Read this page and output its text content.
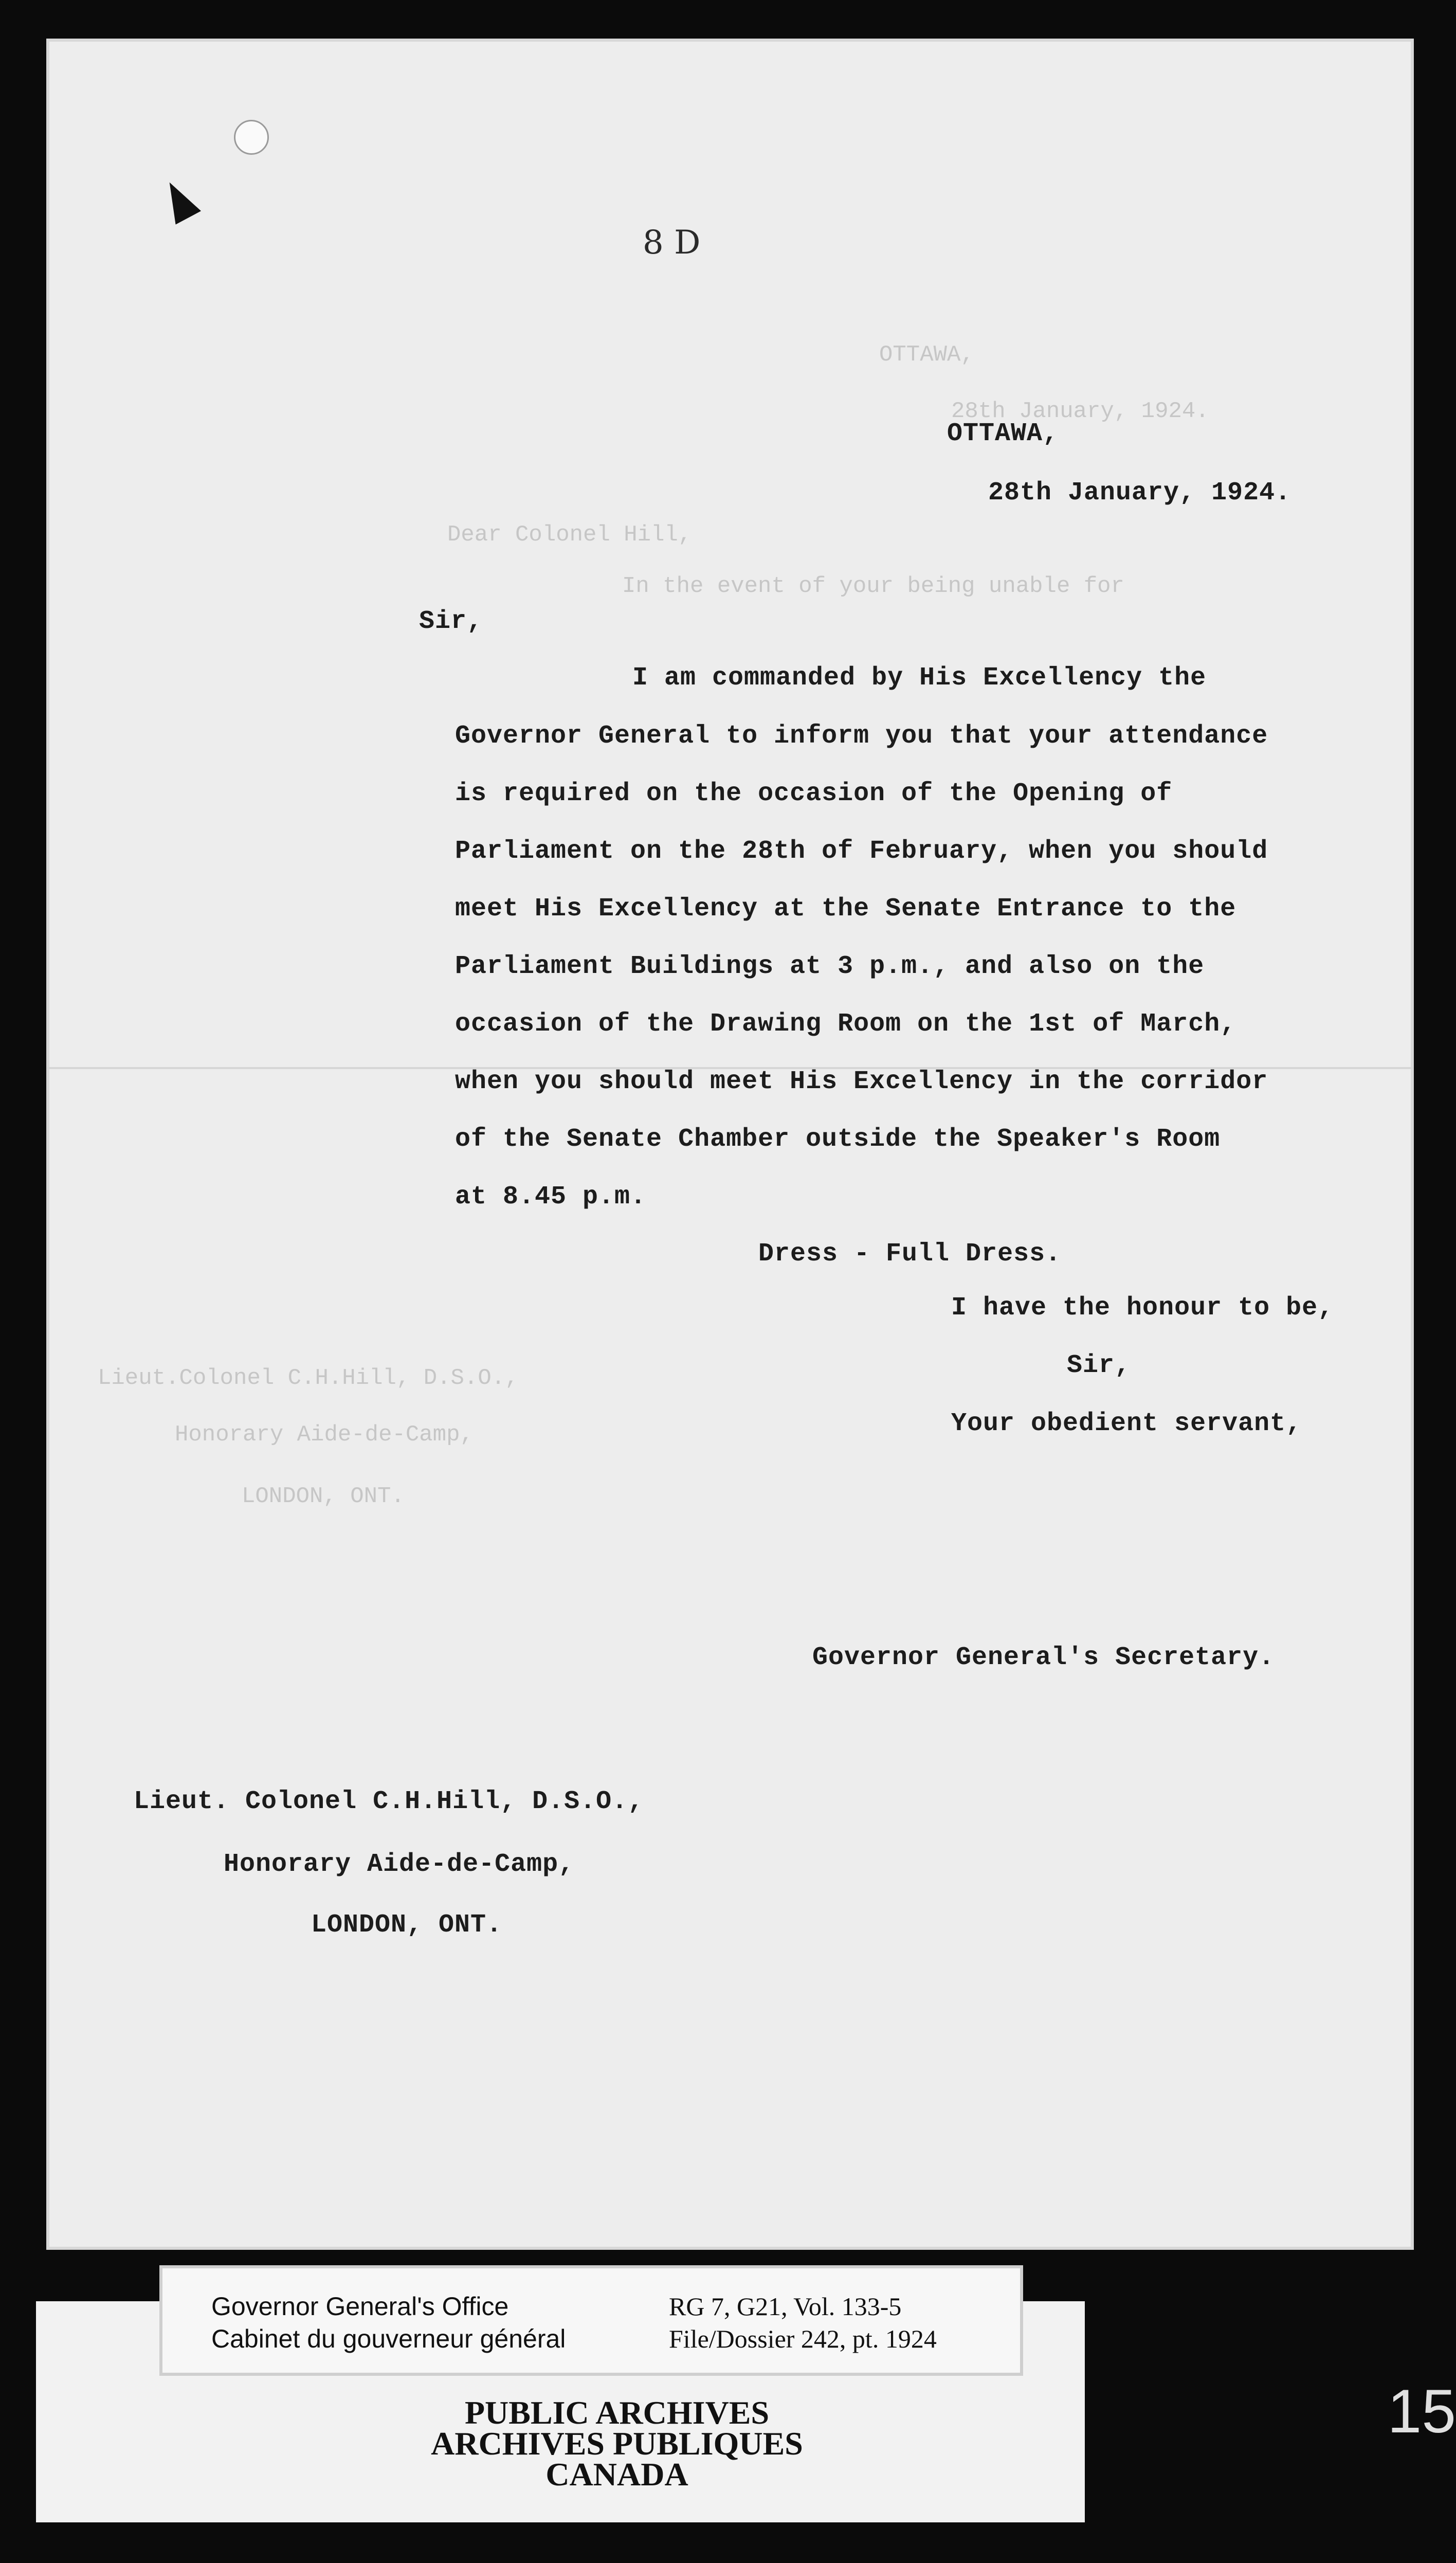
8 D
OTTAWA,
28th January, 1924.
Dear Colonel Hill,
In the event of your being unable for
Lieut.Colonel C.H.Hill, D.S.O.,
Honorary Aide-de-Camp,
LONDON, ONT.
OTTAWA,
28th January, 1924.
Sir,
I am commanded by His Excellency the
Governor General to inform you that your attendance
is required on the occasion of the Opening of
Parliament on the 28th of February, when you should
meet His Excellency at the Senate Entrance to the
Parliament Buildings at 3 p.m., and also on the
occasion of the Drawing Room on the 1st of March,
when you should meet His Excellency in the corridor
of the Senate Chamber outside the Speaker's Room
at 8.45 p.m.
Dress - Full Dress.
I have the honour to be,
Sir,
Your obedient servant,
Governor General's Secretary.
Lieut. Colonel C.H.Hill, D.S.O.,
Honorary Aide-de-Camp,
LONDON, ONT.
Governor General's Office
Cabinet du gouverneur général
RG 7, G21, Vol. 133-5
File/Dossier 242, pt. 1924
PUBLIC ARCHIVES
ARCHIVES PUBLIQUES
CANADA
15
